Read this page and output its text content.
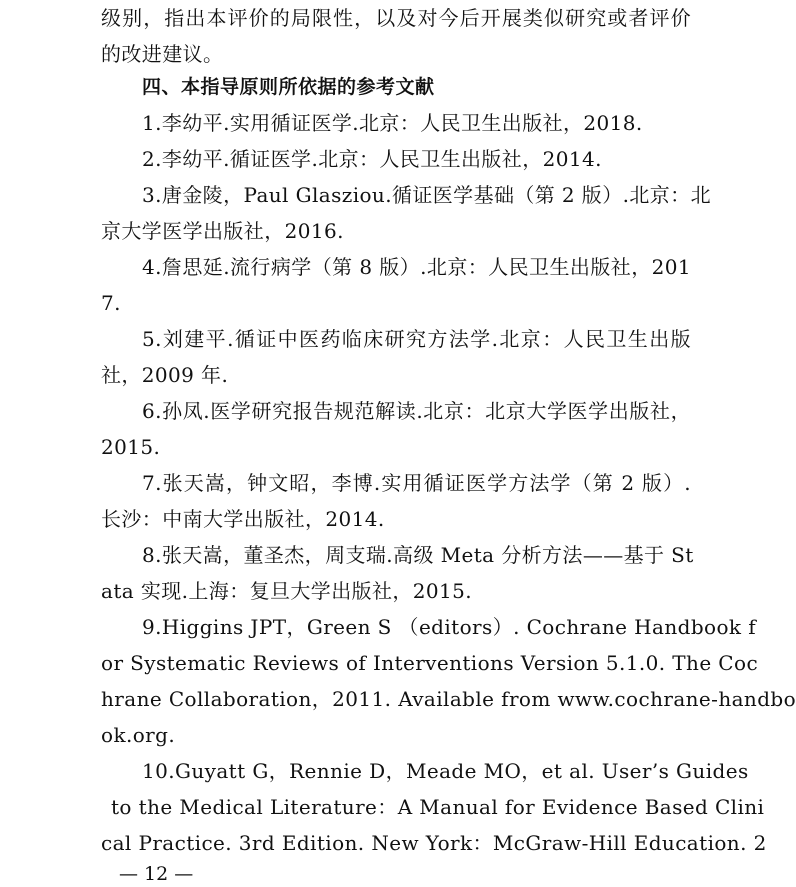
级别，指出本评价的局限性，以及对今后开展类似研究或者评价
的改进建议。
四、本指导原则所依据的参考文献
1.李幼平.实用循证医学.北京：人民卫生出版社，2018.
2.李幼平.循证医学.北京：人民卫生出版社，2014.
3.唐金陵，Paul Glasziou.循证医学基础（第 2 版）.北京：北
京大学医学出版社，2016.
4.詹思延.流行病学（第 8 版）.北京：人民卫生出版社，201
7.
5.刘建平.循证中医药临床研究方法学.北京：人民卫生出版
社，2009 年.
6.孙凤.医学研究报告规范解读.北京：北京大学医学出版社，
2015.
7.张天嵩，钟文昭，李博.实用循证医学方法学（第 2 版）.
长沙：中南大学出版社，2014.
8.张天嵩，董圣杰，周支瑞.高级 Meta 分析方法——基于 St
ata 实现.上海：复旦大学出版社，2015.
9.Higgins JPT，Green S （editors）. Cochrane Handbook f
or Systematic Reviews of Interventions Version 5.1.0. The Coc
hrane Collaboration，2011. Available from www.cochrane-handbo
ok.org.
10.Guyatt G，Rennie D，Meade MO，et al. User’s Guides
to the Medical Literature：A Manual for Evidence Based Clini
cal Practice. 3rd Edition. New York：McGraw-Hill Education. 2
— 12 —
